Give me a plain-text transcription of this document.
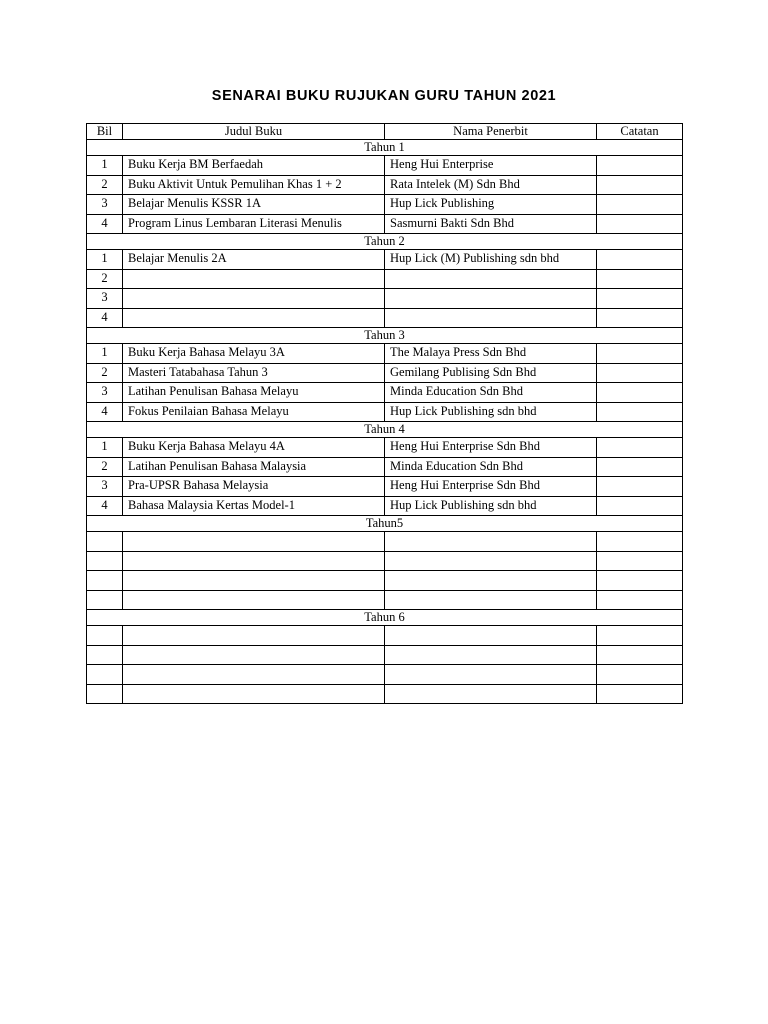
SENARAI BUKU RUJUKAN GURU TAHUN 2021
Bil	Judul Buku	Nama Penerbit	Catatan
Tahun 1			
1	Buku Kerja BM Berfaedah	Heng Hui Enterprise	
2	Buku Aktivit Untuk Pemulihan Khas 1 + 2	Rata Intelek (M) Sdn Bhd	
3	Belajar Menulis KSSR 1A	Hup Lick Publishing	
4	Program Linus Lembaran Literasi Menulis	Sasmurni Bakti Sdn Bhd	
Tahun 2			
1	Belajar Menulis 2A	Hup Lick (M) Publishing sdn bhd	
2			
3			
4			
Tahun 3			
1	Buku Kerja Bahasa Melayu 3A	The Malaya Press Sdn Bhd	
2	Masteri Tatabahasa Tahun 3	Gemilang Publising Sdn Bhd	
3	Latihan Penulisan Bahasa Melayu	Minda Education Sdn Bhd	
4	Fokus Penilaian Bahasa Melayu	Hup Lick Publishing sdn bhd	
Tahun 4			
1	Buku Kerja Bahasa Melayu 4A	Heng Hui Enterprise Sdn Bhd	
2	Latihan Penulisan Bahasa Malaysia	Minda Education Sdn Bhd	
3	Pra-UPSR Bahasa Melaysia	Heng Hui Enterprise Sdn Bhd	
4	Bahasa Malaysia Kertas Model-1	Hup Lick Publishing sdn bhd	
Tahun5			

Tahun 6			
